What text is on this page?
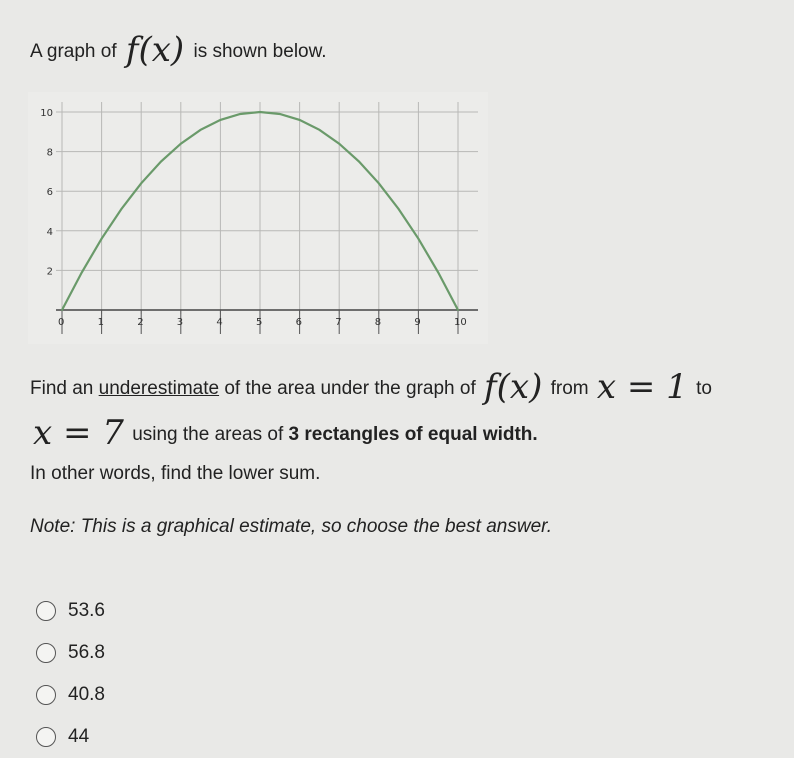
A graph of f(x) is shown below.
0	1	2	3	4	5	6	7	8	9	10
2
4
6
8
10
Find an underestimate of the area under the graph of f(x) from x = 1 to
x = 7 using the areas of 3 rectangles of equal width.
In other words, find the lower sum.
Note: This is a graphical estimate, so choose the best answer.
53.6
56.8
40.8
44
